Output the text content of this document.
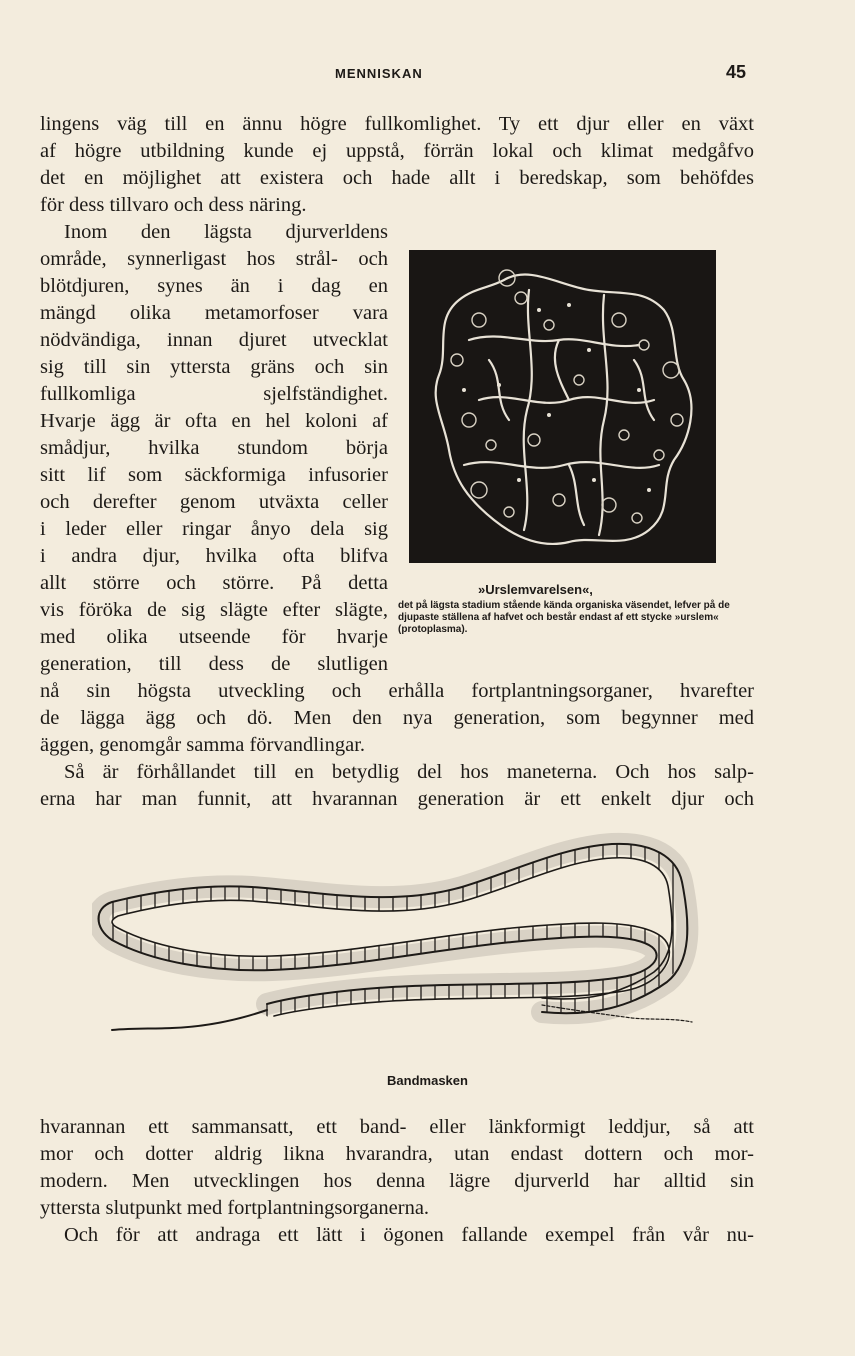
MENNISKAN	45
lingens väg till en ännu högre fullkomlighet. Ty ett djur eller en växt
af högre utbildning kunde ej uppstå, förrän lokal och klimat medgåfvo
det en möjlighet att existera och hade allt i beredskap, som behöfdes
för dess tillvaro och dess näring.
Inom den lägsta djurverldens
område, synnerligast hos strål- och
blötdjuren, synes än i dag en
mängd olika metamorfoser vara
nödvändiga, innan djuret utvecklat
sig till sin yttersta gräns och sin
fullkomliga sjelfständighet.
Hvarje ägg är ofta en hel koloni af
smådjur, hvilka stundom börja
sitt lif som säckformiga infusorier
och derefter genom utväxta celler
i leder eller ringar ånyo dela sig
i andra djur, hvilka ofta blifva
allt större och större. På detta
vis föröka de sig slägte efter slägte,
med olika utseende för hvarje
generation, till dess de slutligen
nå sin högsta utveckling och erhålla fortplantningsorganer, hvarefter
de lägga ägg och dö. Men den nya generation, som begynner med
äggen, genomgår samma förvandlingar.
Så är förhållandet till en betydlig del hos maneterna. Och hos salp-
erna har man funnit, att hvarannan generation är ett enkelt djur och
»Urslemvarelsen«,
det på lägsta stadium stående kända organiska väsendet, lefver på de djupaste ställena af hafvet och består endast af ett stycke »urslem« (protoplasma).
Bandmasken
hvarannan ett sammansatt, ett band- eller länkformigt leddjur, så att
mor och dotter aldrig likna hvarandra, utan endast dottern och mor-
modern. Men utvecklingen hos denna lägre djurverld har alltid sin
yttersta slutpunkt med fortplantningsorganerna.
Och för att andraga ett lätt i ögonen fallande exempel från vår nu-
